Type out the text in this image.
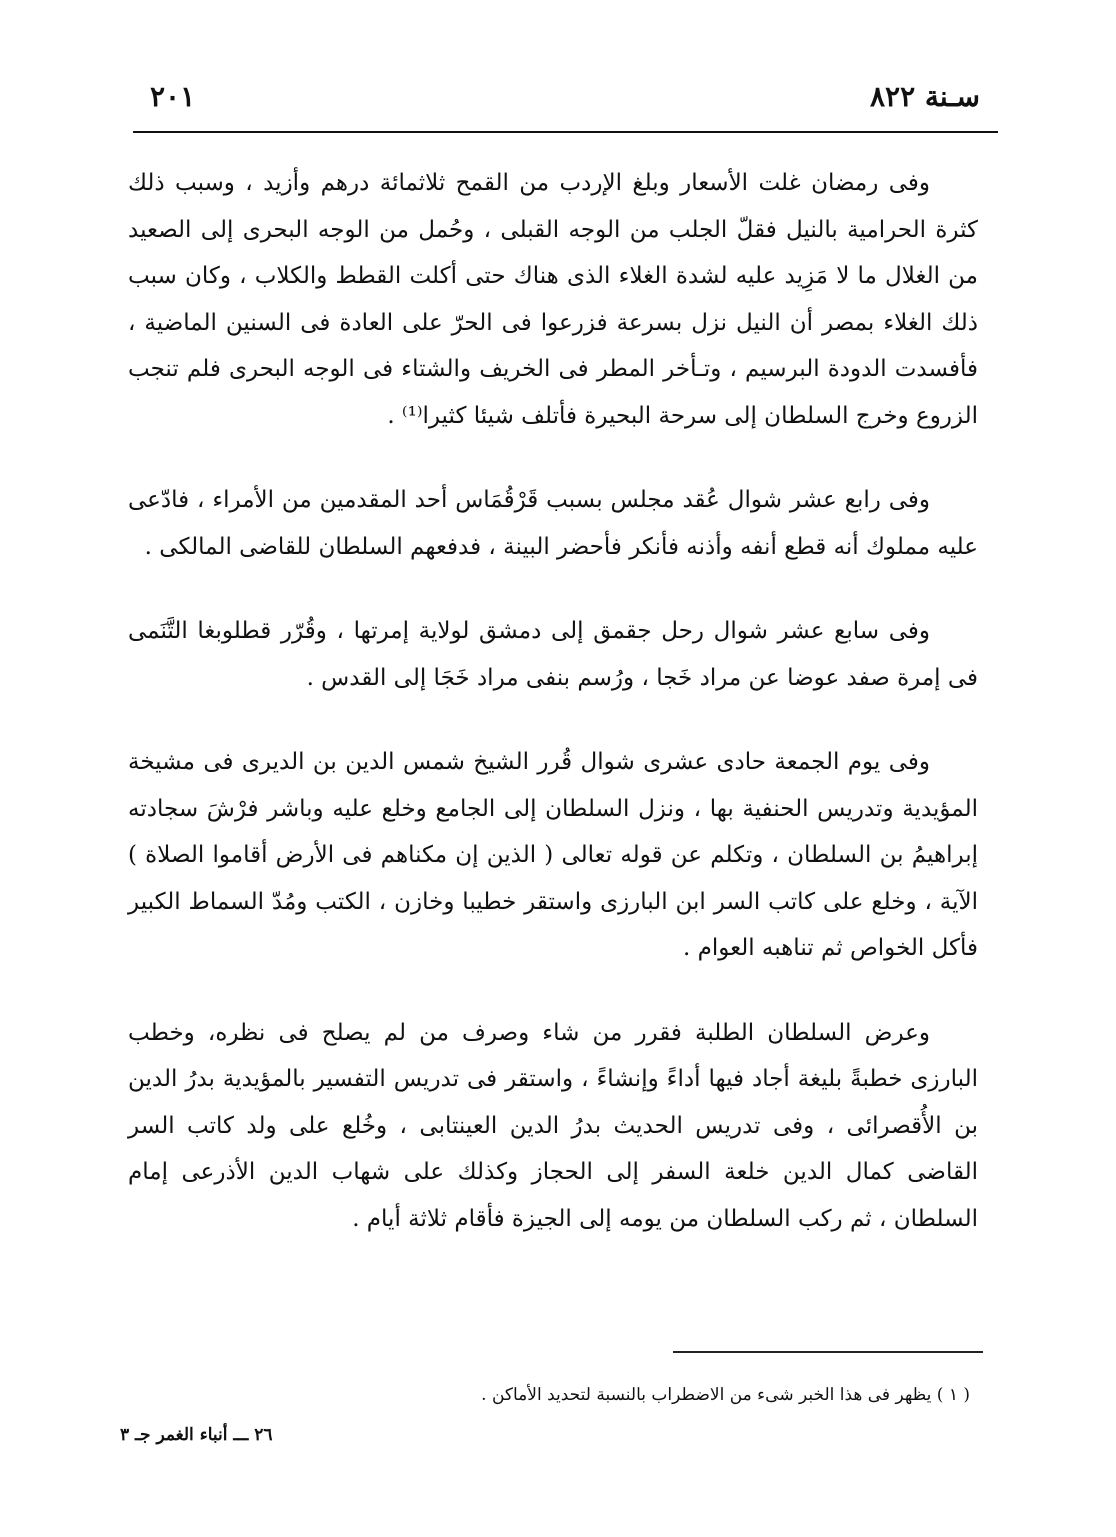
سـنة ٨٢٢
٢٠١

وفى رمضان غلت الأسعار وبلغ الإردب من القمح ثلاثمائة درهم وأزيد ، وسبب ذلك كثرة الحرامية بالنيل فقلّ الجلب من الوجه القبلى ، وحُمل من الوجه البحرى إلى الصعيد من الغلال ما لا مَزِيد عليه لشدة الغلاء الذى هناك حتى أكلت القطط والكلاب ، وكان سبب ذلك الغلاء بمصر أن النيل نزل بسرعة فزرعوا فى الحرّ على العادة فى السنين الماضية ، فأفسدت الدودة البرسيم ، وتـأخر المطر فى الخريف والشتاء فى الوجه البحرى فلم تنجب الزروع وخرج السلطان إلى سرحة البحيرة فأتلف شيئا كثيرا⁽¹⁾ .

وفى رابع عشر شوال عُقد مجلس بسبب قَرْقُمَاس أحد المقدمين من الأمراء ، فادّعى عليه مملوك أنه قطع أنفه وأذنه فأنكر فأحضر البينة ، فدفعهم السلطان للقاضى المالكى .

وفى سابع عشر شوال رحل جقمق إلى دمشق لولاية إمرتها ، وقُرّر قطلوبغا التَّنَمى فى إمرة صفد عوضا عن مراد خَجا ، ورُسم بنفى مراد خَجَا إلى القدس .

وفى يوم الجمعة حادى عشرى شوال قُرر الشيخ شمس الدين بن الديرى فى مشيخة المؤيدية وتدريس الحنفية بها ، ونزل السلطان إلى الجامع وخلع عليه وباشر فرْشَ سجادته إبراهيمُ بن السلطان ، وتكلم عن قوله تعالى ( الذين إن مكناهم فى الأرض أقاموا الصلاة ) الآية ، وخلع على كاتب السر ابن البارزى واستقر خطيبا وخازن ، الكتب ومُدّ السماط الكبير فأكل الخواص ثم تناهبه العوام .

وعرض السلطان الطلبة فقرر من شاء وصرف من لم يصلح فى نظره، وخطب البارزى خطبةً بليغة أجاد فيها أداءً وإنشاءً ، واستقر فى تدريس التفسير بالمؤيدية بدرُ الدين بن الأُقصرائى ، وفى تدريس الحديث بدرُ الدين العينتابى ، وخُلع على ولد كاتب السر القاضى كمال الدين خلعة السفر إلى الحجاز وكذلك على شهاب الدين الأذرعى إمام السلطان ، ثم ركب السلطان من يومه إلى الجيزة فأقام ثلاثة أيام .

( ١ ) يظهر فى هذا الخبر شىء من الاضطراب بالنسبة لتحديد الأماكن .
٢٦ ـــ أنباء الغمر جـ ٣
